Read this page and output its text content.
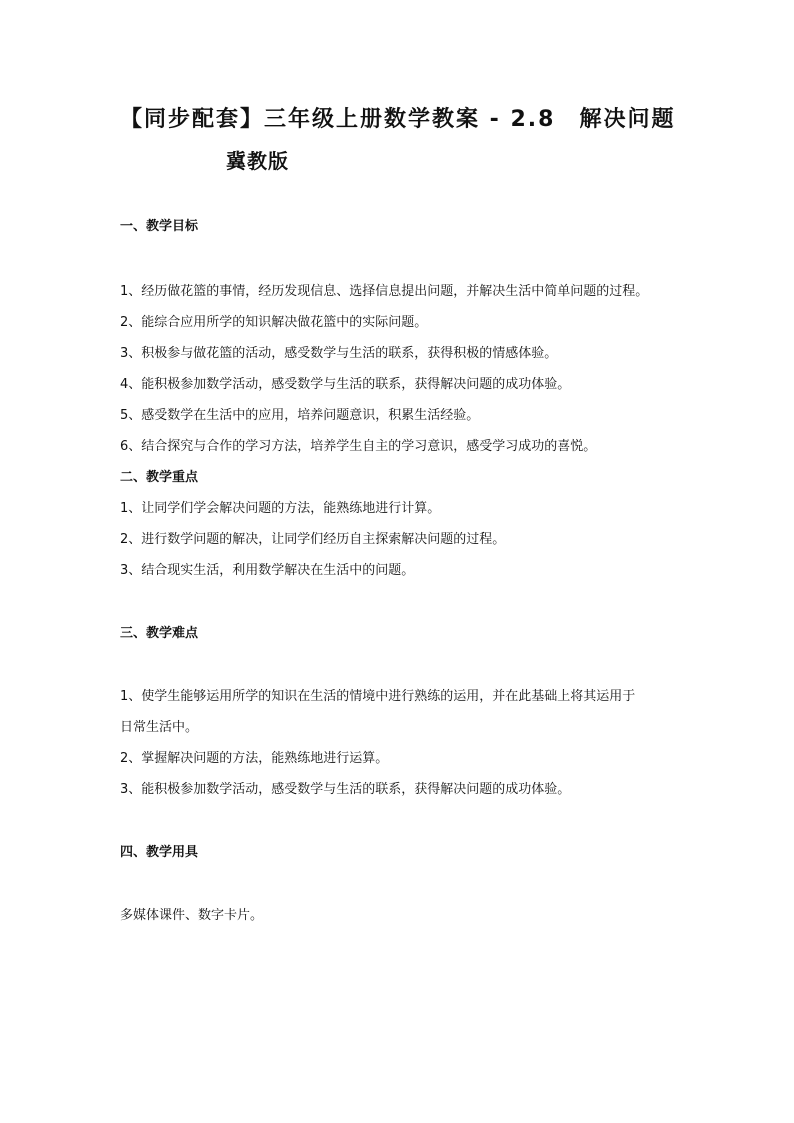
【同步配套】三年级上册数学教案 - 2.8 解决问题
冀教版
一、教学目标
1、经历做花篮的事情，经历发现信息、选择信息提出问题，并解决生活中简单问题的过程。
2、能综合应用所学的知识解决做花篮中的实际问题。
3、积极参与做花篮的活动，感受数学与生活的联系，获得积极的情感体验。
4、能积极参加数学活动，感受数学与生活的联系，获得解决问题的成功体验。
5、感受数学在生活中的应用，培养问题意识，积累生活经验。
6、结合探究与合作的学习方法，培养学生自主的学习意识，感受学习成功的喜悦。
二、教学重点
1、让同学们学会解决问题的方法，能熟练地进行计算。
2、进行数学问题的解决，让同学们经历自主探索解决问题的过程。
3、结合现实生活，利用数学解决在生活中的问题。
三、教学难点
1、使学生能够运用所学的知识在生活的情境中进行熟练的运用，并在此基础上将其运用于
日常生活中。
2、掌握解决问题的方法，能熟练地进行运算。
3、能积极参加数学活动，感受数学与生活的联系，获得解决问题的成功体验。
四、教学用具
多媒体课件、数字卡片。
